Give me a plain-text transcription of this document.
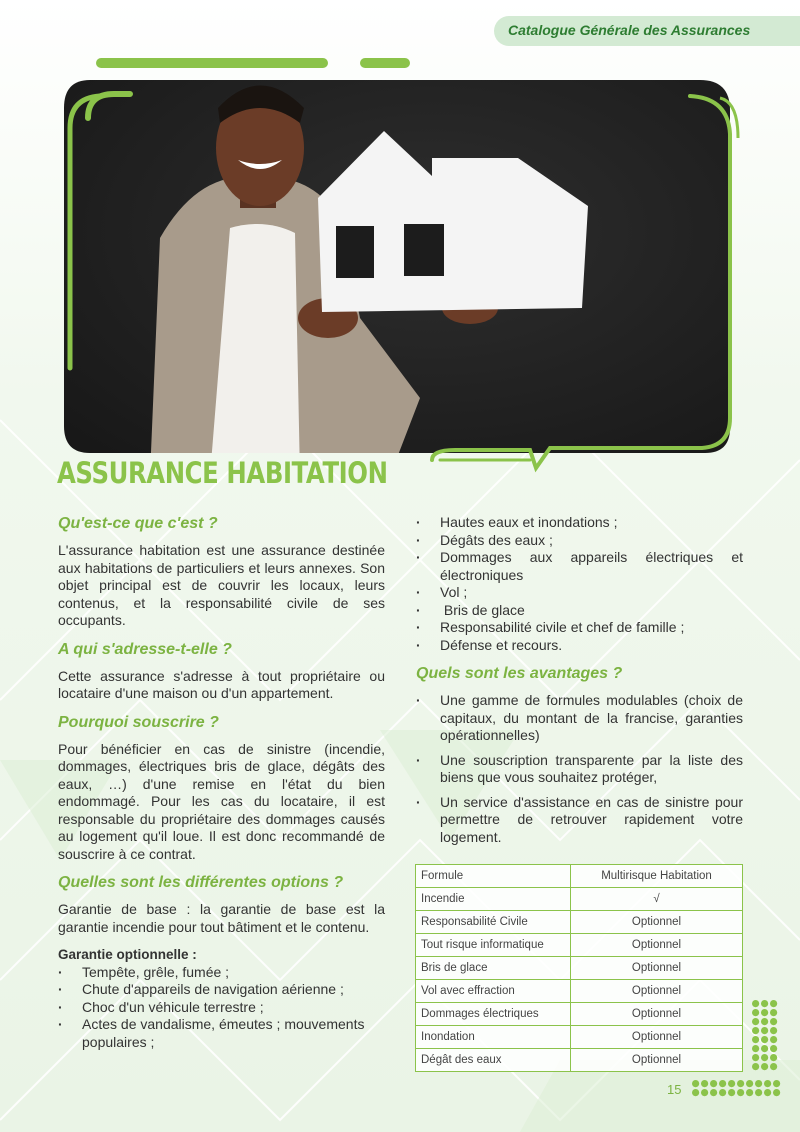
Catalogue Générale des Assurances
ASSURANCE HABITATION
Qu'est-ce que c'est ?

L'assurance habitation est une assurance destinée aux habitations de particuliers et leurs annexes. Son objet principal est de couvrir les locaux, leurs contenus, et la responsabilité civile de ses occupants.

A qui s'adresse-t-elle ?

Cette assurance s'adresse à tout propriétaire ou locataire d'une maison ou d'un appartement.

Pourquoi souscrire ?

Pour bénéficier en cas de sinistre (incendie, dommages, électriques bris de glace, dégâts des eaux, …) d'une remise en l'état du bien endommagé. Pour les cas du locataire, il est responsable du propriétaire des dommages causés au logement qu'il loue. Il est donc recommandé de souscrire à ce contrat.

Quelles sont les différentes options ?

Garantie de base : la garantie de base est la garantie incendie pour tout bâtiment et le contenu.

Garantie optionnelle :
· Tempête, grêle, fumée ;
· Chute d'appareils de navigation aérienne ;
· Choc d'un véhicule terrestre ;
· Actes de vandalisme, émeutes ; mouvements populaires ;
· Hautes eaux et inondations ;
· Dégâts des eaux ;
· Dommages aux appareils électriques et électroniques
· Vol ;
·  Bris de glace
· Responsabilité civile et chef de famille ;
· Défense et recours.
Quels sont les avantages ?
· Une gamme de formules modulables (choix de capitaux, du montant de la francise, garanties opérationnelles)
· Une souscription transparente par la liste des biens que vous souhaitez protéger,
· Un service d'assistance en cas de sinistre pour permettre de retrouver rapidement votre logement.
Formule	Multirisque Habitation
Incendie	√
Responsabilité Civile	Optionnel
Tout risque informatique	Optionnel
Bris de glace	Optionnel
Vol avec effraction	Optionnel
Dommages électriques	Optionnel
Inondation	Optionnel
Dégât des eaux	Optionnel
15
